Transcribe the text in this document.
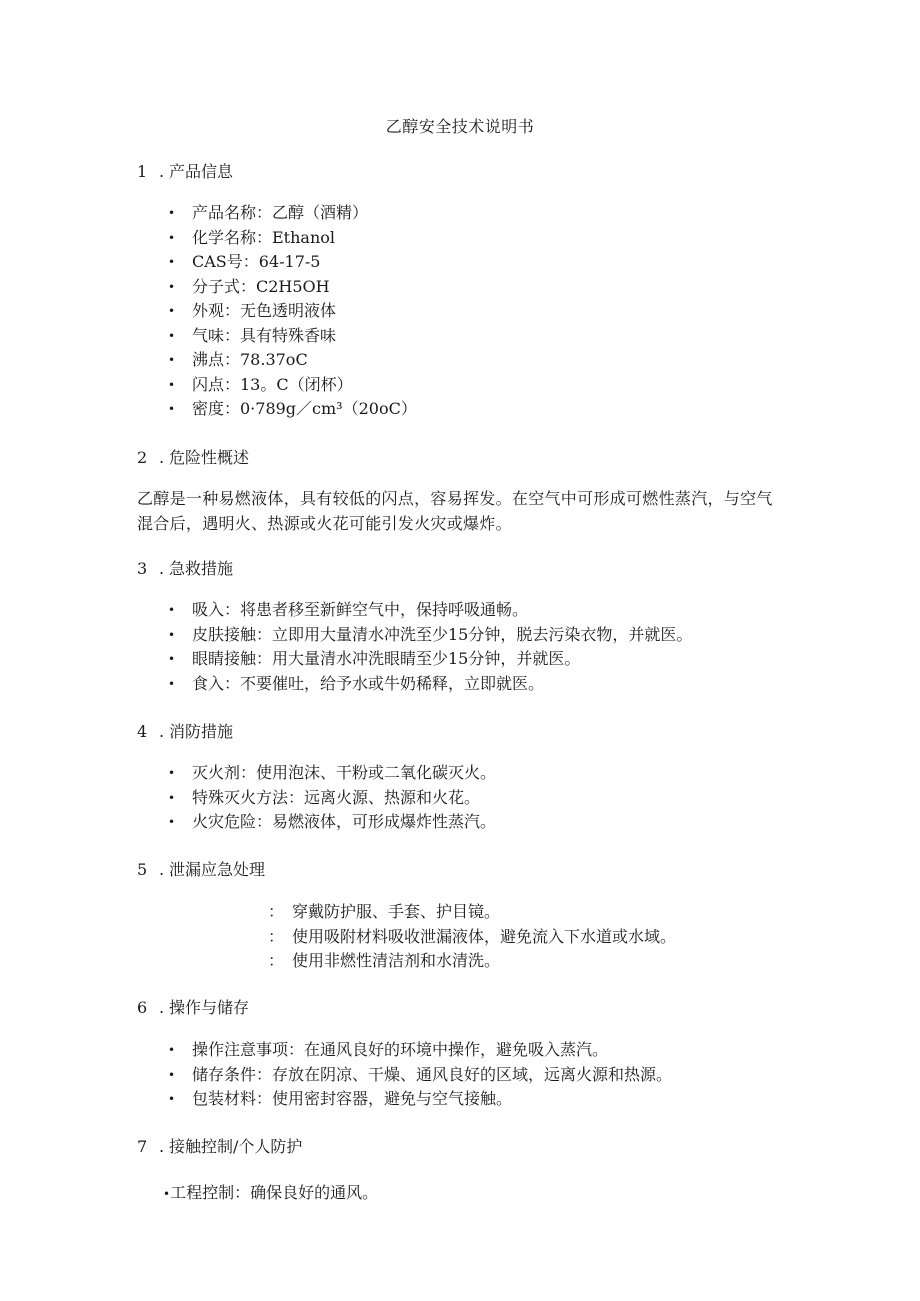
乙醇安全技术说明书
1 . 产品信息
• 产品名称：乙醇（酒精）
• 化学名称：Ethanol
• CAS号：64-17-5
• 分子式：C2H5OH
• 外观：无色透明液体
• 气味：具有特殊香味
• 沸点：78.37oC
• 闪点：13。C（闭杯）
• 密度：0·789g／cm³（20oC）
2 . 危险性概述

乙醇是一种易燃液体，具有较低的闪点，容易挥发。在空气中可形成可燃性蒸汽，与空气混合后，遇明火、热源或火花可能引发火灾或爆炸。

3 . 急救措施
• 吸入：将患者移至新鲜空气中，保持呼吸通畅。
• 皮肤接触：立即用大量清水冲洗至少15分钟，脱去污染衣物，并就医。
• 眼睛接触：用大量清水冲洗眼睛至少15分钟，并就医。
• 食入：不要催吐，给予水或牛奶稀释，立即就医。
4 . 消防措施
• 灭火剂：使用泡沫、干粉或二氧化碳灭火。
• 特殊灭火方法：远离火源、热源和火花。
• 火灾危险：易燃液体，可形成爆炸性蒸汽。
5 . 泄漏应急处理
： 穿戴防护服、手套、护目镜。
： 使用吸附材料吸收泄漏液体，避免流入下水道或水域。
： 使用非燃性清洁剂和水清洗。
6 . 操作与储存
• 操作注意事项：在通风良好的环境中操作，避免吸入蒸汽。
• 储存条件：存放在阴凉、干燥、通风良好的区域，远离火源和热源。
• 包装材料：使用密封容器，避免与空气接触。
7 . 接触控制/个人防护
•工程控制：确保良好的通风。
